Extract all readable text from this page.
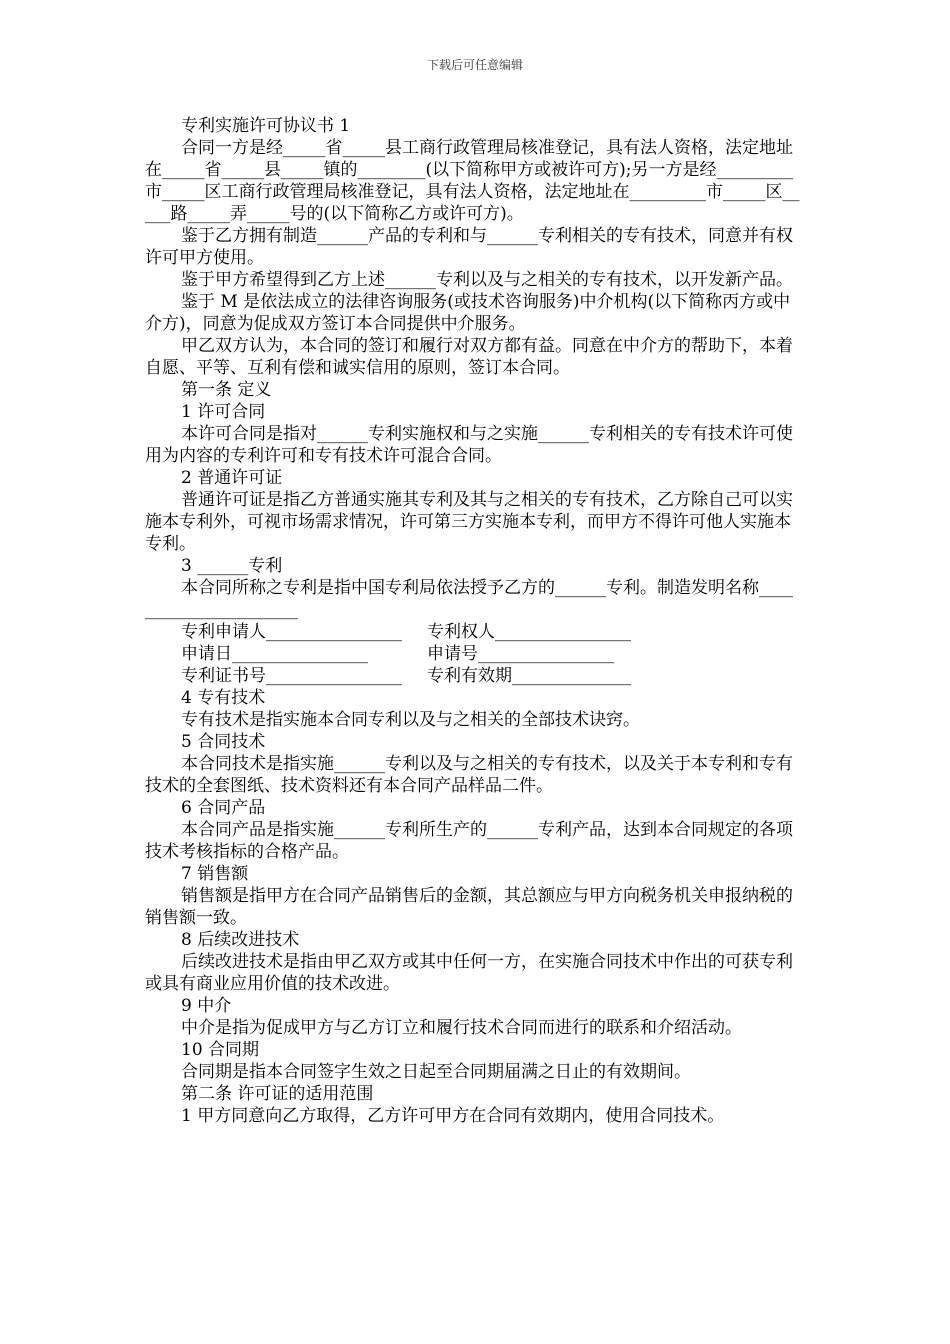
下载后可任意编辑

专利实施许可协议书 1

合同一方是经_____省_____县工商行政管理局核准登记，具有法人资格，法定地址在_____省_____县_____镇的________(以下简称甲方或被许可方);另一方是经_________市_____区工商行政管理局核准登记，具有法人资格，法定地址在_________市_____区_____路_____弄_____号的(以下简称乙方或许可方)。

鉴于乙方拥有制造______产品的专利和与______专利相关的专有技术，同意并有权许可甲方使用。

鉴于甲方希望得到乙方上述______专利以及与之相关的专有技术，以开发新产品。

鉴于 M 是依法成立的法律咨询服务(或技术咨询服务)中介机构(以下简称丙方或中介方)，同意为促成双方签订本合同提供中介服务。

甲乙双方认为，本合同的签订和履行对双方都有益。同意在中介方的帮助下，本着自愿、平等、互利有偿和诚实信用的原则，签订本合同。

第一条 定义

1 许可合同

本许可合同是指对______专利实施权和与之实施______专利相关的专有技术许可使用为内容的专利许可和专有技术许可混合合同。

2 普通许可证

普通许可证是指乙方普通实施其专利及其与之相关的专有技术，乙方除自己可以实施本专利外，可视市场需求情况，许可第三方实施本专利，而甲方不得许可他人实施本专利。

3 ______专利

本合同所称之专利是指中国专利局依法授予乙方的______专利。制造发明名称______________________

专利申请人________________ 专利权人________________
申请日________________	申请号________________
专利证书号________________ 专利有效期______________

4 专有技术

专有技术是指实施本合同专利以及与之相关的全部技术诀窍。

5 合同技术

本合同技术是指实施______专利以及与之相关的专有技术，以及关于本专利和专有技术的全套图纸、技术资料还有本合同产品样品二件。

6 合同产品

本合同产品是指实施______专利所生产的______专利产品，达到本合同规定的各项技术考核指标的合格产品。

7 销售额

销售额是指甲方在合同产品销售后的金额，其总额应与甲方向税务机关申报纳税的销售额一致。

8 后续改进技术

后续改进技术是指由甲乙双方或其中任何一方，在实施合同技术中作出的可获专利或具有商业应用价值的技术改进。

9 中介

中介是指为促成甲方与乙方订立和履行技术合同而进行的联系和介绍活动。

10 合同期

合同期是指本合同签字生效之日起至合同期届满之日止的有效期间。

第二条 许可证的适用范围

1 甲方同意向乙方取得，乙方许可甲方在合同有效期内，使用合同技术。
